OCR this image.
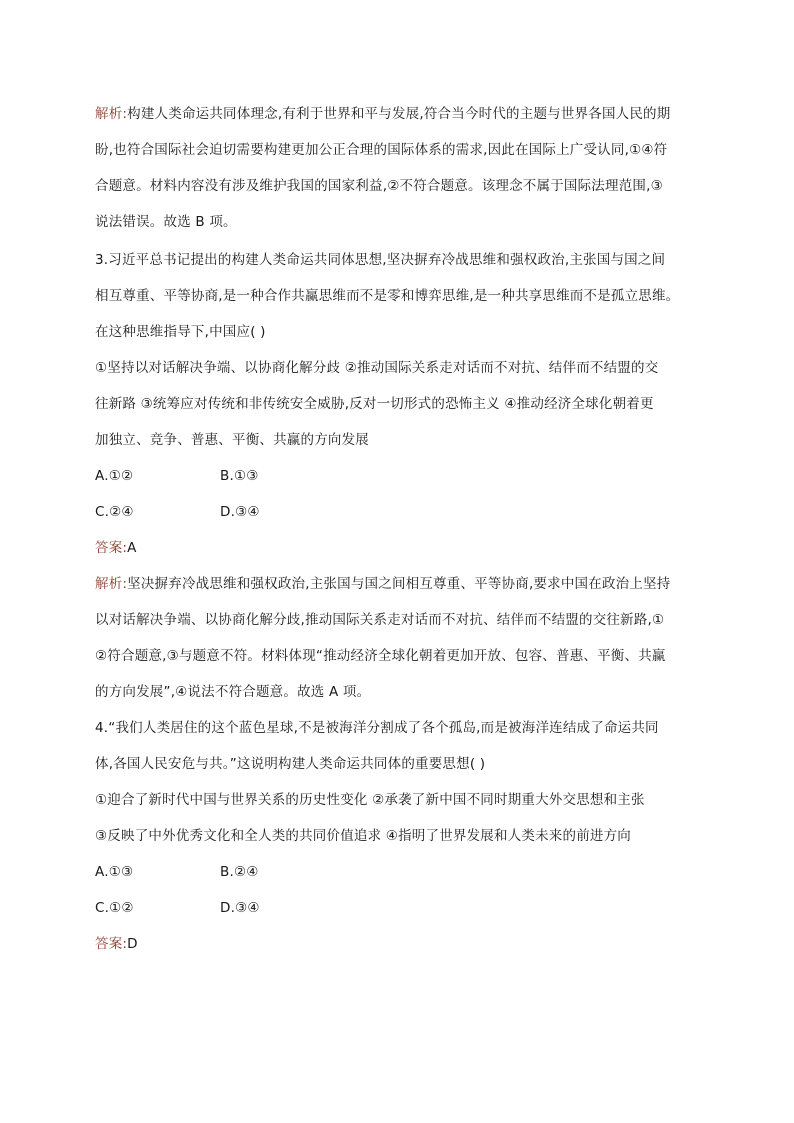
解析:构建人类命运共同体理念,有利于世界和平与发展,符合当今时代的主题与世界各国人民的期
盼,也符合国际社会迫切需要构建更加公正合理的国际体系的需求,因此在国际上广受认同,①④符
合题意。材料内容没有涉及维护我国的国家利益,②不符合题意。该理念不属于国际法理范围,③
说法错误。故选 B 项。
3.习近平总书记提出的构建人类命运共同体思想,坚决摒弃冷战思维和强权政治,主张国与国之间
相互尊重、平等协商,是一种合作共赢思维而不是零和博弈思维,是一种共享思维而不是孤立思维。
在这种思维指导下,中国应( )
①坚持以对话解决争端、以协商化解分歧 ②推动国际关系走对话而不对抗、结伴而不结盟的交
往新路 ③统筹应对传统和非传统安全威胁,反对一切形式的恐怖主义 ④推动经济全球化朝着更
加独立、竞争、普惠、平衡、共赢的方向发展
A.①②	B.①③
C.②④	D.③④
答案:A
解析:坚决摒弃冷战思维和强权政治,主张国与国之间相互尊重、平等协商,要求中国在政治上坚持
以对话解决争端、以协商化解分歧,推动国际关系走对话而不对抗、结伴而不结盟的交往新路,①
②符合题意,③与题意不符。材料体现“推动经济全球化朝着更加开放、包容、普惠、平衡、共赢
的方向发展”,④说法不符合题意。故选 A 项。
4.“我们人类居住的这个蓝色星球,不是被海洋分割成了各个孤岛,而是被海洋连结成了命运共同
体,各国人民安危与共。”这说明构建人类命运共同体的重要思想( )
①迎合了新时代中国与世界关系的历史性变化 ②承袭了新中国不同时期重大外交思想和主张
③反映了中外优秀文化和全人类的共同价值追求 ④指明了世界发展和人类未来的前进方向
A.①③	B.②④
C.①②	D.③④
答案:D
